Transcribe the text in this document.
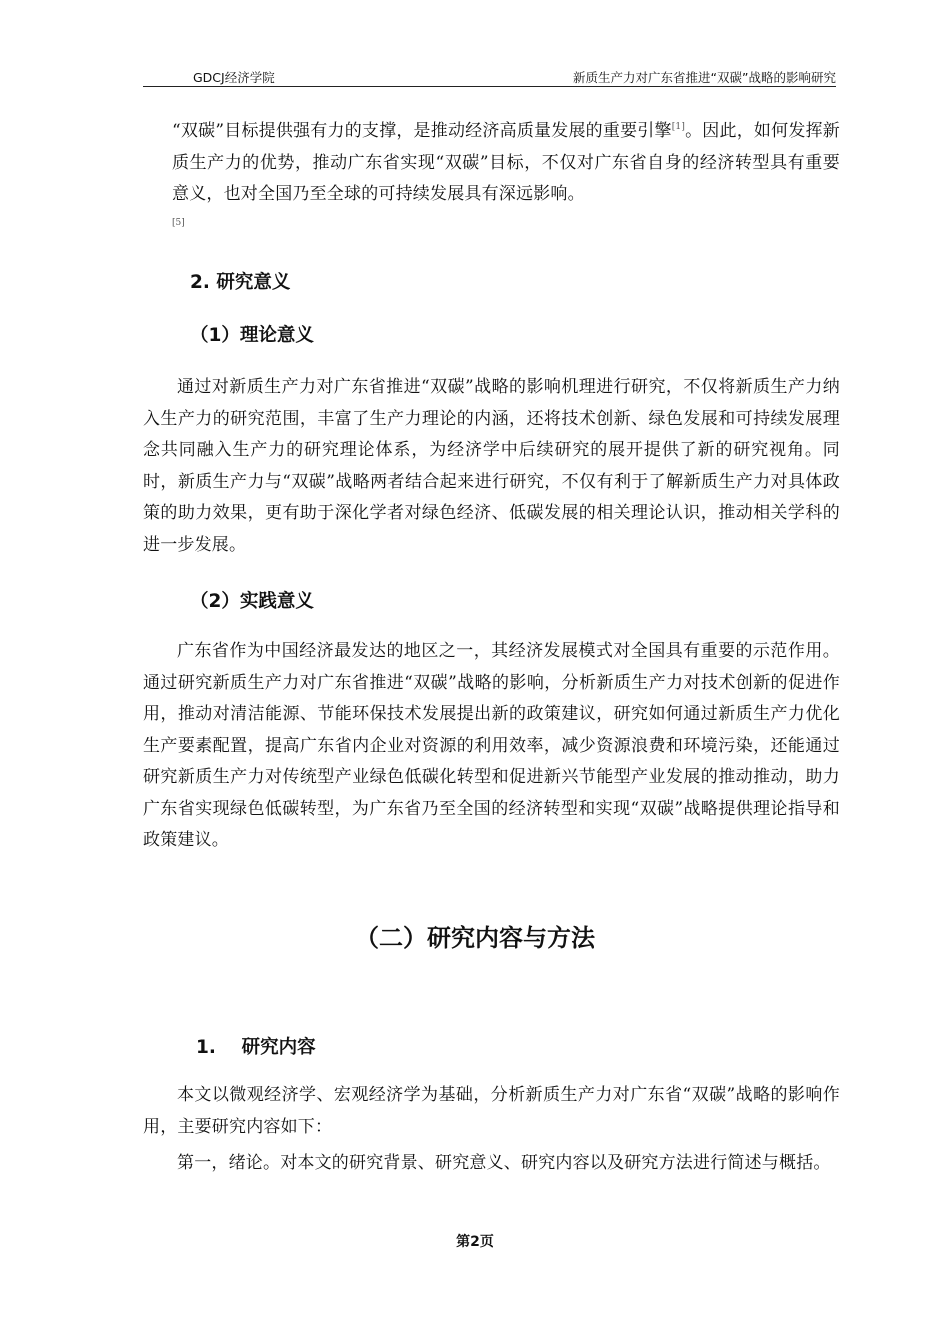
GDCJ经济学院	新质生产力对广东省推进“双碳”战略的影响研究

“双碳”目标提供强有力的支撑，是推动经济高质量发展的重要引擎[1]。因此，如何发挥新质生产力的优势，推动广东省实现“双碳”目标，不仅对广东省自身的经济转型具有重要意义，也对全国乃至全球的可持续发展具有深远影响。

[5]
2. 研究意义
（1）理论意义

通过对新质生产力对广东省推进“双碳”战略的影响机理进行研究，不仅将新质生产力纳入生产力的研究范围，丰富了生产力理论的内涵，还将技术创新、绿色发展和可持续发展理念共同融入生产力的研究理论体系，为经济学中后续研究的展开提供了新的研究视角。同时，新质生产力与“双碳”战略两者结合起来进行研究，不仅有利于了解新质生产力对具体政策的助力效果，更有助于深化学者对绿色经济、低碳发展的相关理论认识，推动相关学科的进一步发展。

（2）实践意义

广东省作为中国经济最发达的地区之一，其经济发展模式对全国具有重要的示范作用。通过研究新质生产力对广东省推进“双碳”战略的影响，分析新质生产力对技术创新的促进作用，推动对清洁能源、节能环保技术发展提出新的政策建议，研究如何通过新质生产力优化生产要素配置，提高广东省内企业对资源的利用效率，减少资源浪费和环境污染，还能通过研究新质生产力对传统型产业绿色低碳化转型和促进新兴节能型产业发展的推动推动，助力广东省实现绿色低碳转型，为广东省乃至全国的经济转型和实现“双碳”战略提供理论指导和政策建议。

（二）研究内容与方法
1.    研究内容

本文以微观经济学、宏观经济学为基础，分析新质生产力对广东省“双碳”战略的影响作用，主要研究内容如下：

第一，绪论。对本文的研究背景、研究意义、研究内容以及研究方法进行简述与概括。

第2页
